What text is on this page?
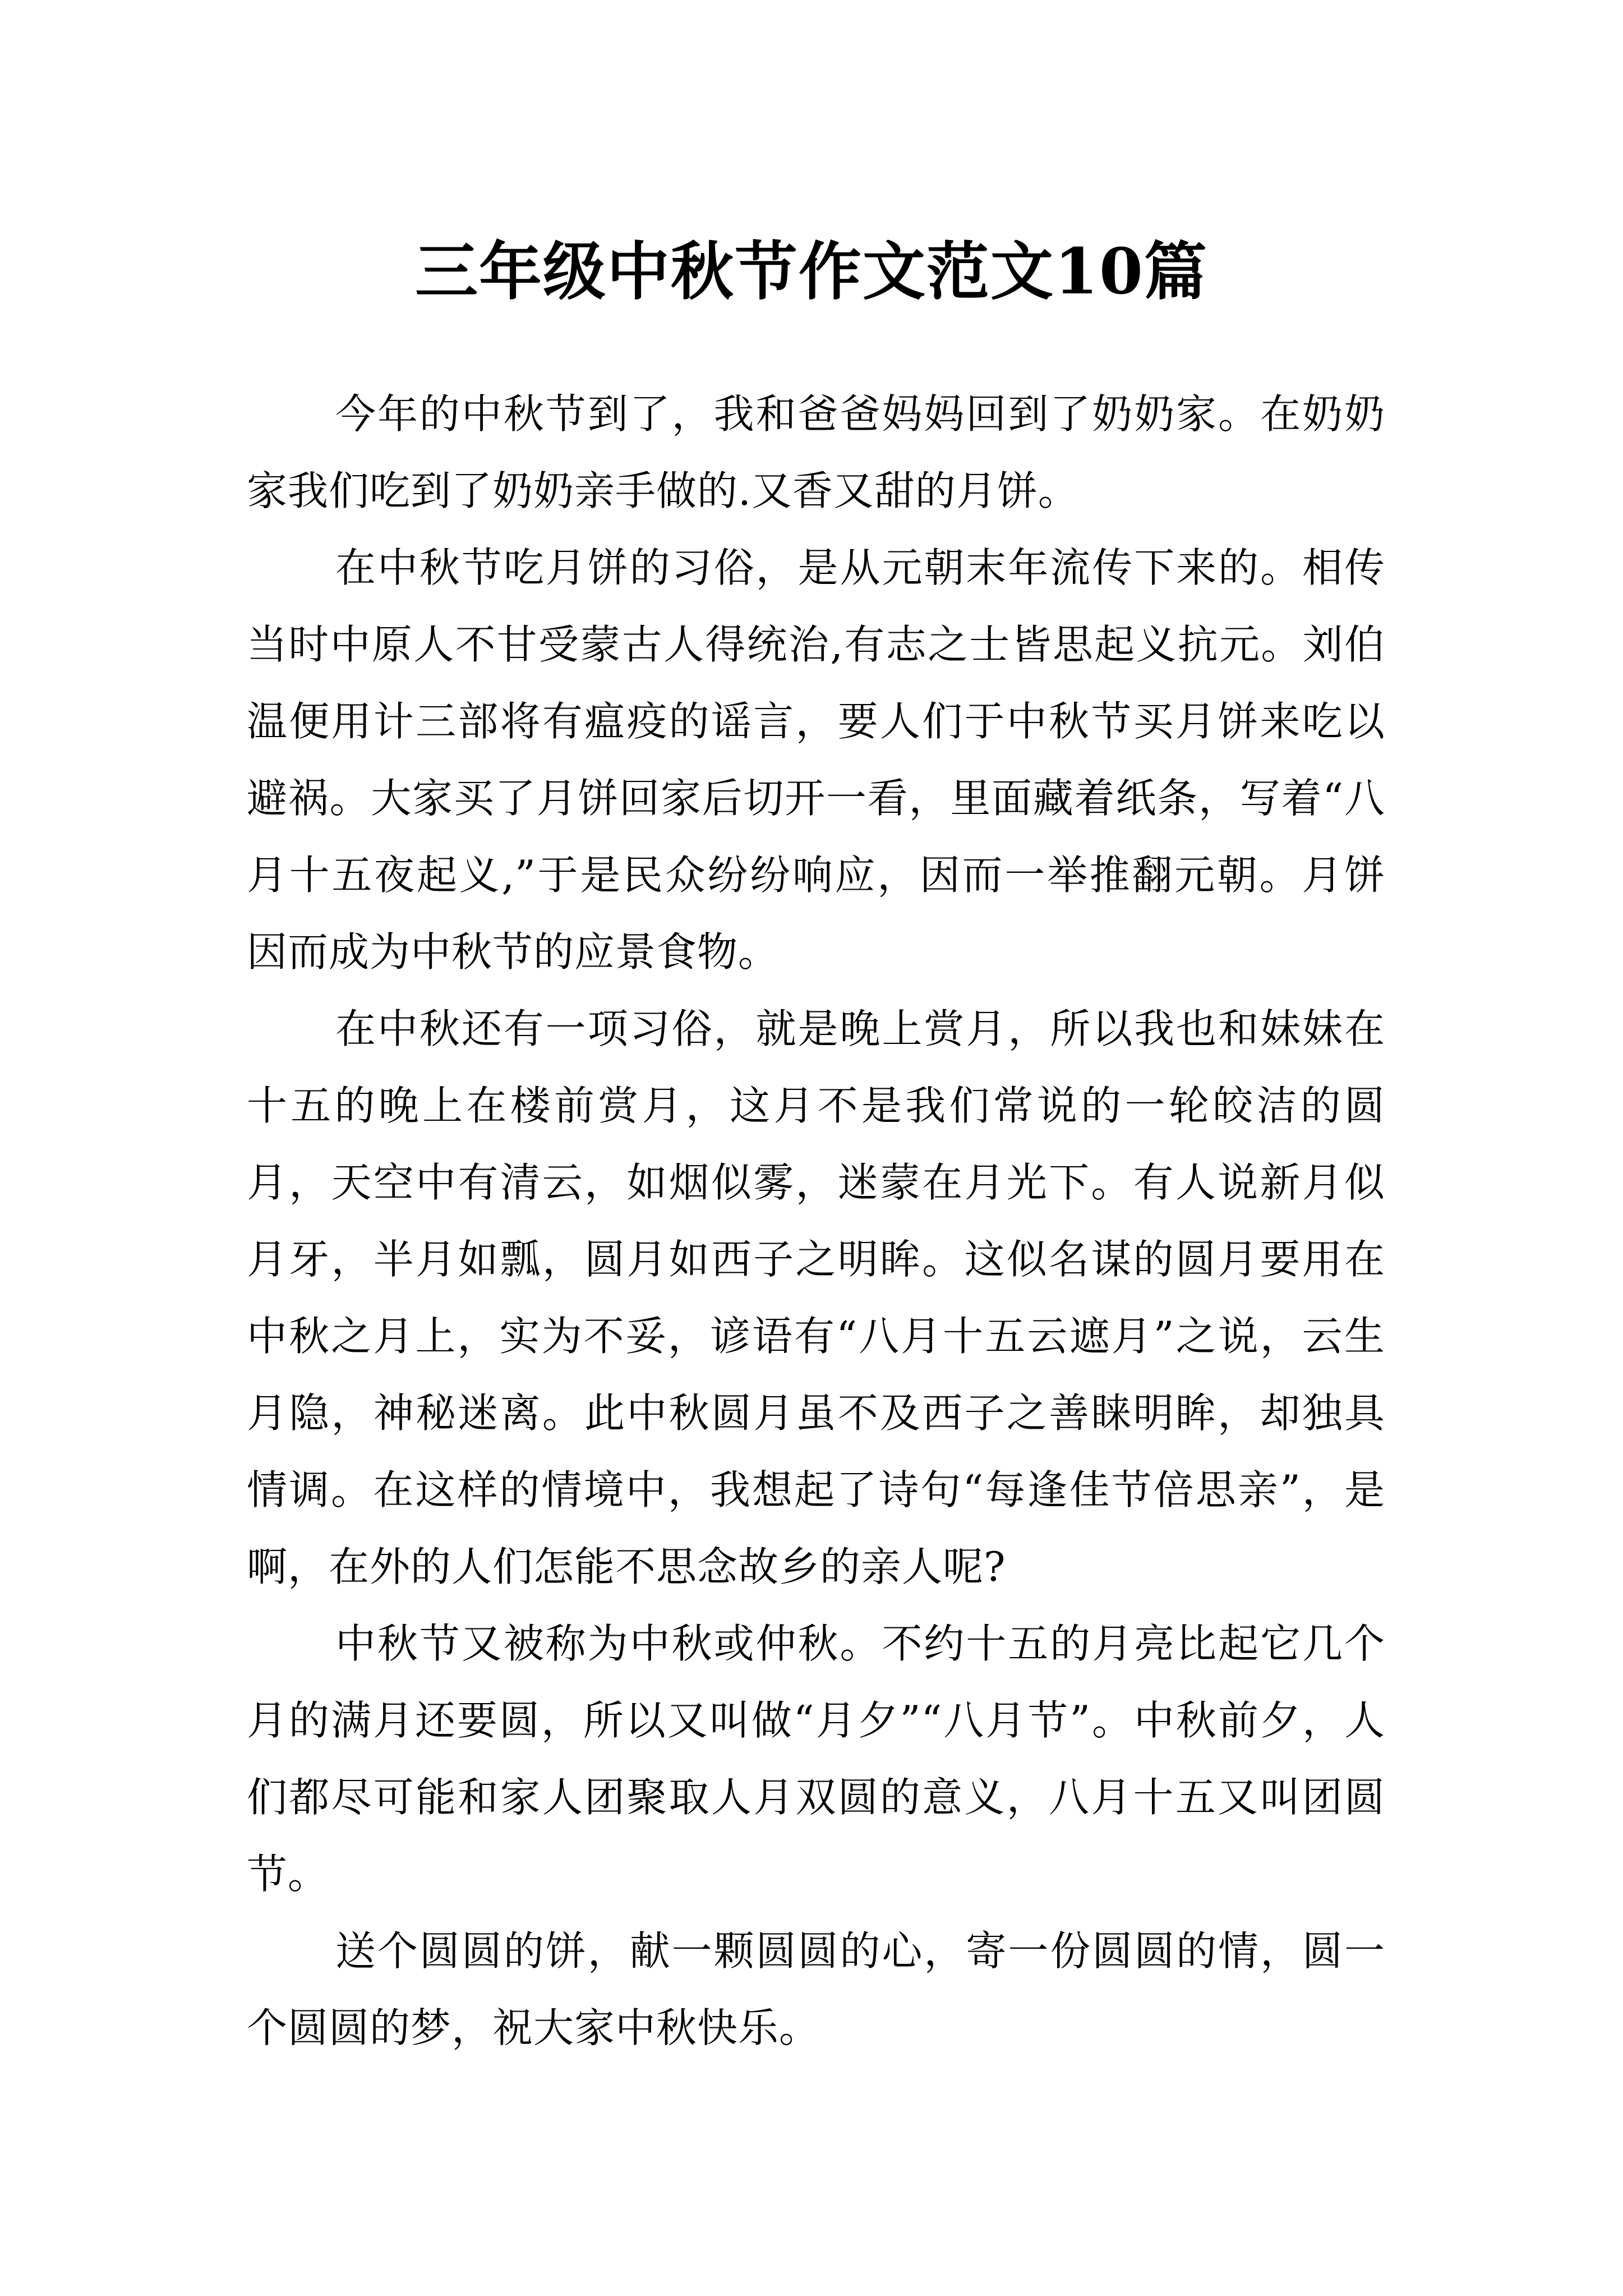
三年级中秋节作文范文10篇

今年的中秋节到了，我和爸爸妈妈回到了奶奶家。在奶奶家我们吃到了奶奶亲手做的.又香又甜的月饼。

在中秋节吃月饼的习俗，是从元朝末年流传下来的。相传当时中原人不甘受蒙古人得统治,有志之士皆思起义抗元。刘伯温便用计三部将有瘟疫的谣言，要人们于中秋节买月饼来吃以避祸。大家买了月饼回家后切开一看，里面藏着纸条，写着“八月十五夜起义,”于是民众纷纷响应，因而一举推翻元朝。月饼因而成为中秋节的应景食物。

在中秋还有一项习俗，就是晚上赏月，所以我也和妹妹在十五的晚上在楼前赏月，这月不是我们常说的一轮皎洁的圆月，天空中有清云，如烟似雾，迷蒙在月光下。有人说新月似月牙，半月如瓢，圆月如西子之明眸。这似名谋的圆月要用在中秋之月上，实为不妥，谚语有“八月十五云遮月”之说，云生月隐，神秘迷离。此中秋圆月虽不及西子之善睐明眸，却独具情调。在这样的情境中，我想起了诗句“每逢佳节倍思亲”，是啊，在外的人们怎能不思念故乡的亲人呢?

中秋节又被称为中秋或仲秋。不约十五的月亮比起它几个月的满月还要圆，所以又叫做“月夕”“八月节”。中秋前夕，人们都尽可能和家人团聚取人月双圆的意义，八月十五又叫团圆节。

送个圆圆的饼，献一颗圆圆的心，寄一份圆圆的情，圆一个圆圆的梦，祝大家中秋快乐。
